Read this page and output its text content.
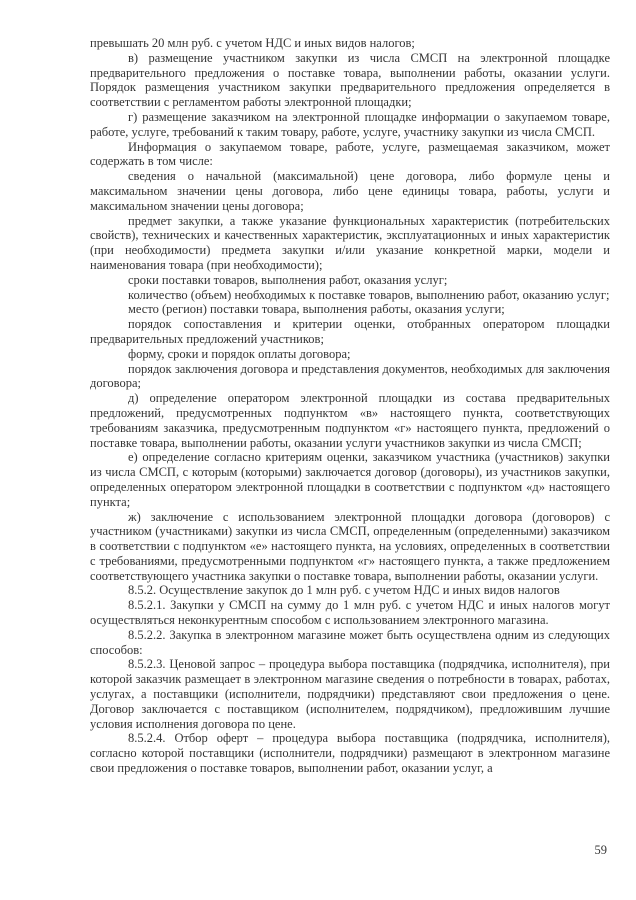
превышать 20 млн руб. с учетом НДС и иных видов налогов;

в) размещение участником закупки из числа СМСП на электронной площадке предварительного предложения о поставке товара, выполнении работы, оказании услуги. Порядок размещения участником закупки предварительного предложения определяется в соответствии с регламентом работы электронной площадки;

г) размещение заказчиком на электронной площадке информации о закупаемом товаре, работе, услуге, требований к таким товару, работе, услуге, участнику закупки из числа СМСП.

Информация о закупаемом товаре, работе, услуге, размещаемая заказчиком, может содержать в том числе:

сведения о начальной (максимальной) цене договора, либо формуле цены и максимальном значении цены договора, либо цене единицы товара, работы, услуги и максимальном значении цены договора;

предмет закупки, а также указание функциональных характеристик (потребительских свойств), технических и качественных характеристик, эксплуатационных и иных характеристик (при необходимости) предмета закупки и/или указание конкретной марки, модели и наименования товара (при необходимости);

сроки поставки товаров, выполнения работ, оказания услуг;

количество (объем) необходимых к поставке товаров, выполнению работ, оказанию услуг;

место (регион) поставки товара, выполнения работы, оказания услуги;

порядок сопоставления и критерии оценки, отобранных оператором площадки предварительных предложений участников;

форму, сроки и порядок оплаты договора;

порядок заключения договора и представления документов, необходимых для заключения договора;

д) определение оператором электронной площадки из состава предварительных предложений, предусмотренных подпунктом «в» настоящего пункта, соответствующих требованиям заказчика, предусмотренным подпунктом «г» настоящего пункта, предложений о поставке товара, выполнении работы, оказании услуги участников закупки из числа СМСП;

е) определение согласно критериям оценки, заказчиком участника (участников) закупки из числа СМСП, с которым (которыми) заключается договор (договоры), из участников закупки, определенных оператором электронной площадки в соответствии с подпунктом «д» настоящего пункта;

ж) заключение с использованием электронной площадки договора (договоров) с участником (участниками) закупки из числа СМСП, определенным (определенными) заказчиком в соответствии с подпунктом «е» настоящего пункта, на условиях, определенных в соответствии с требованиями, предусмотренными подпунктом «г» настоящего пункта, а также предложением соответствующего участника закупки о поставке товара, выполнении работы, оказании услуги.

8.5.2. Осуществление закупок до 1 млн руб. с учетом НДС и иных видов налогов

8.5.2.1. Закупки у СМСП на сумму до 1 млн руб. с учетом НДС и иных налогов могут осуществляться неконкурентным способом с использованием электронного магазина.

8.5.2.2. Закупка в электронном магазине может быть осуществлена одним из следующих способов:

8.5.2.3. Ценовой запрос – процедура выбора поставщика (подрядчика, исполнителя), при которой заказчик размещает в электронном магазине сведения о потребности в товарах, работах, услугах, а поставщики (исполнители, подрядчики) представляют свои предложения о цене. Договор заключается с поставщиком (исполнителем, подрядчиком), предложившим лучшие условия исполнения договора по цене.

8.5.2.4. Отбор оферт – процедура выбора поставщика (подрядчика, исполнителя), согласно которой поставщики (исполнители, подрядчики) размещают в электронном магазине свои предложения о поставке товаров, выполнении работ, оказании услуг, а

59
